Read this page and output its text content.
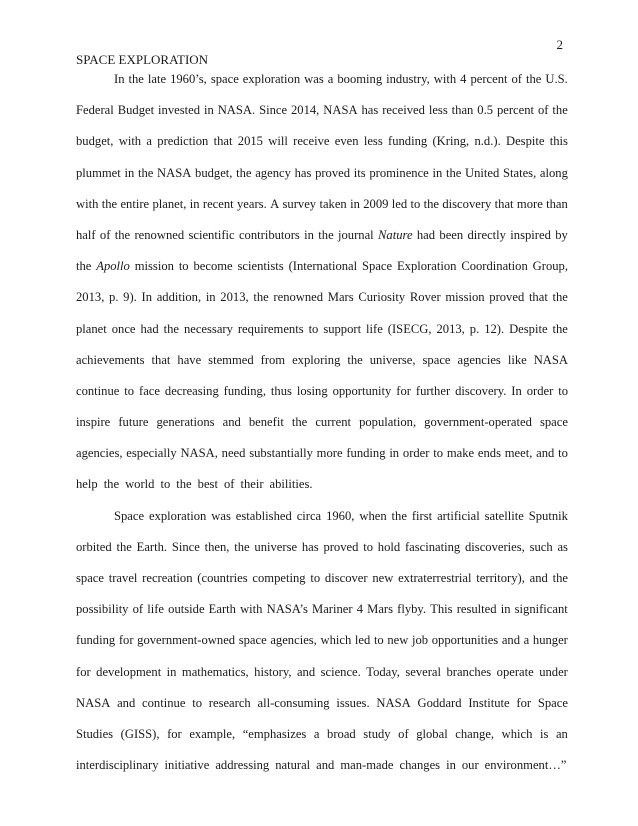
2
SPACE EXPLORATION
In the late 1960’s, space exploration was a booming industry, with 4 percent of the U.S.
Federal Budget invested in NASA. Since 2014, NASA has received less than 0.5 percent of the
budget, with a prediction that 2015 will receive even less funding (Kring, n.d.). Despite this
plummet in the NASA budget, the agency has proved its prominence in the United States, along
with the entire planet, in recent years. A survey taken in 2009 led to the discovery that more than
half of the renowned scientific contributors in the journal Nature had been directly inspired by
the Apollo mission to become scientists (International Space Exploration Coordination Group,
2013, p. 9). In addition, in 2013, the renowned Mars Curiosity Rover mission proved that the
planet once had the necessary requirements to support life (ISECG, 2013, p. 12). Despite the
achievements that have stemmed from exploring the universe, space agencies like NASA
continue to face decreasing funding, thus losing opportunity for further discovery. In order to
inspire future generations and benefit the current population, government-operated space
agencies, especially NASA, need substantially more funding in order to make ends meet, and to
help the world to the best of their abilities.
Space exploration was established circa 1960, when the first artificial satellite Sputnik
orbited the Earth. Since then, the universe has proved to hold fascinating discoveries, such as
space travel recreation (countries competing to discover new extraterrestrial territory), and the
possibility of life outside Earth with NASA’s Mariner 4 Mars flyby. This resulted in significant
funding for government-owned space agencies, which led to new job opportunities and a hunger
for development in mathematics, history, and science. Today, several branches operate under
NASA and continue to research all-consuming issues. NASA Goddard Institute for Space
Studies (GISS), for example, “emphasizes a broad study of global change, which is an
interdisciplinary initiative addressing natural and man-made changes in our environment…”
